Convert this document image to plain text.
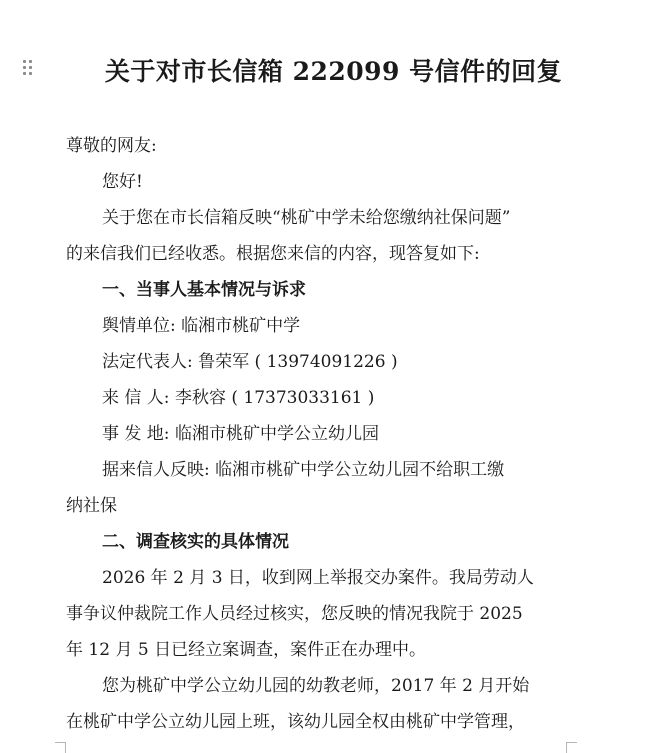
关于对市长信箱 222099 号信件的回复
尊敬的网友:
您好!
关于您在市长信箱反映“桃矿中学未给您缴纳社保问题”
的来信我们已经收悉。根据您来信的内容，现答复如下:
一、当事人基本情况与诉求
舆情单位: 临湘市桃矿中学
法定代表人: 鲁荣军 ( 13974091226 )
来 信 人: 李秋容 ( 17373033161 )
事 发 地: 临湘市桃矿中学公立幼儿园
据来信人反映: 临湘市桃矿中学公立幼儿园不给职工缴
纳社保
二、调查核实的具体情况
2026 年 2 月 3 日，收到网上举报交办案件。我局劳动人
事争议仲裁院工作人员经过核实，您反映的情况我院于 2025
年 12 月 5 日已经立案调查，案件正在办理中。
您为桃矿中学公立幼儿园的幼教老师，2017 年 2 月开始
在桃矿中学公立幼儿园上班，该幼儿园全权由桃矿中学管理，
